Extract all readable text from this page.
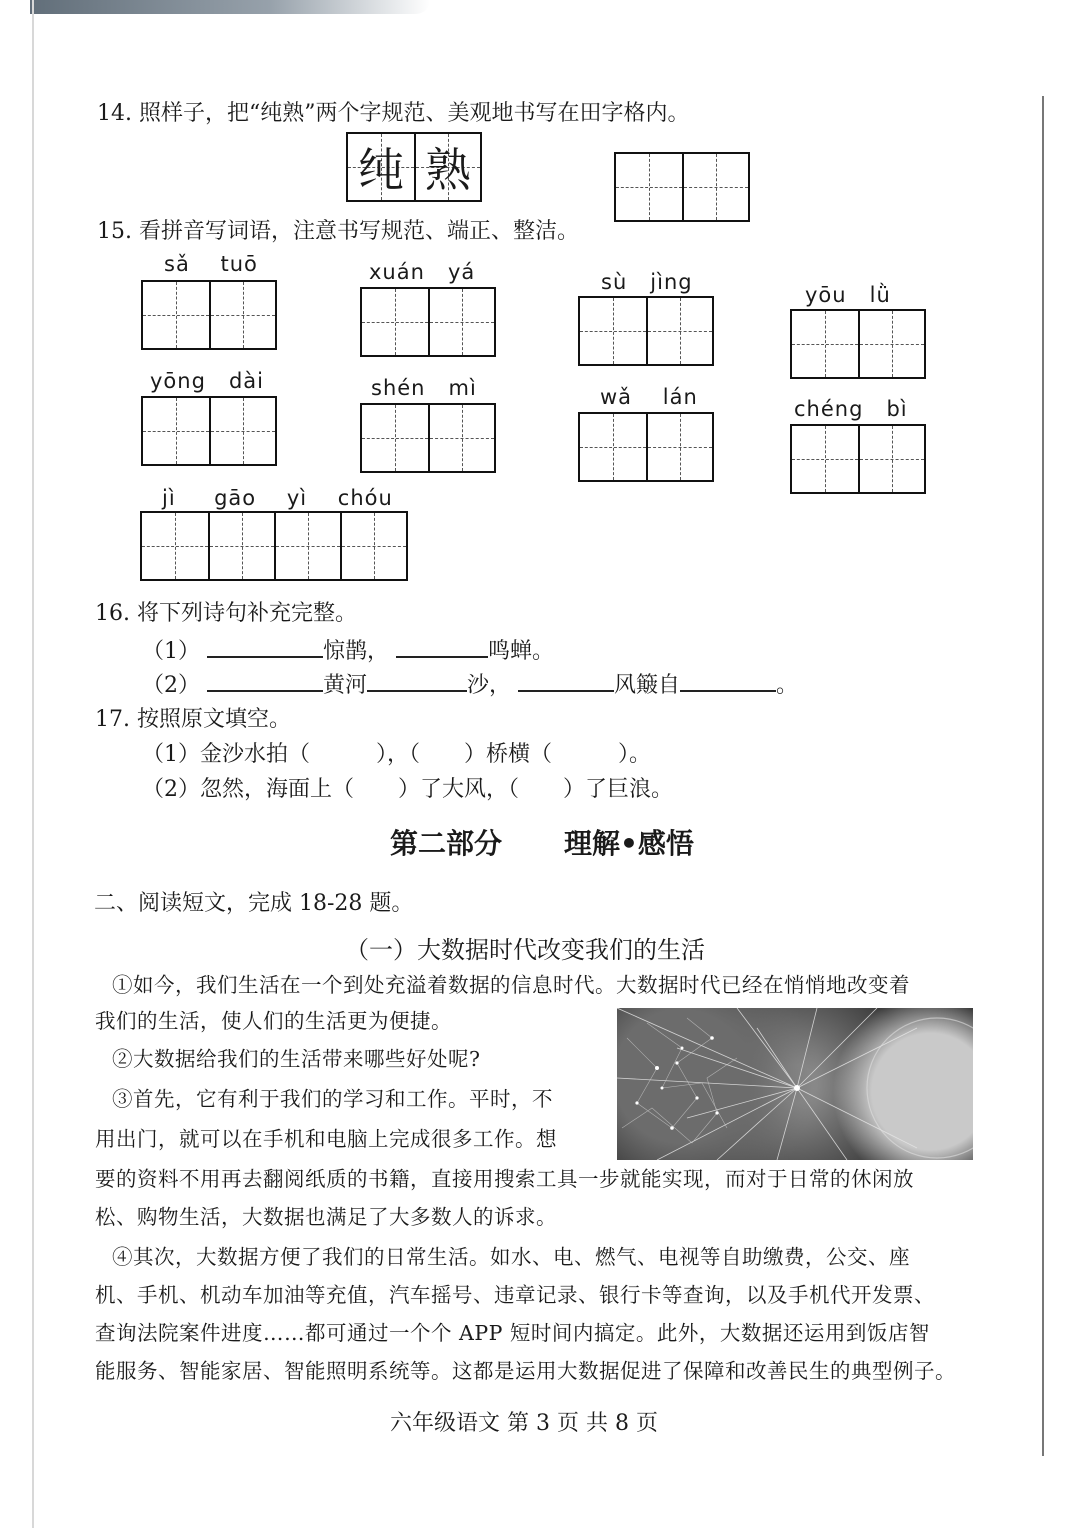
14. 照样子，把“纯熟”两个字规范、美观地书写在田字格内。
纯 熟
15. 看拼音写词语，注意书写规范、端正、整洁。
sǎ tuō	xuán yá	sù jìng
yōu lǜ
yōng dài	shén mì	wǎ lán	chéng bì
jì gāo yì chóu
16. 将下列诗句补充完整。
（1）	惊鹊，	鸣蝉。
（2）	黄河	沙，	风簸自	。
17. 按照原文填空。
（1）金沙水拍（　　　），（　　）桥横（　　　）。
（2）忽然，海面上（　　）了大风，（　　）了巨浪。
第二部分 理解•感悟
二、阅读短文，完成 18-28 题。
（一）大数据时代改变我们的生活
①如今，我们生活在一个到处充溢着数据的信息时代。大数据时代已经在悄悄地改变着
我们的生活，使人们的生活更为便捷。
②大数据给我们的生活带来哪些好处呢?
③首先，它有利于我们的学习和工作。平时，不
用出门，就可以在手机和电脑上完成很多工作。想
要的资料不用再去翻阅纸质的书籍，直接用搜索工具一步就能实现，而对于日常的休闲放
松、购物生活，大数据也满足了大多数人的诉求。
④其次，大数据方便了我们的日常生活。如水、电、燃气、电视等自助缴费，公交、座
机、手机、机动车加油等充值，汽车摇号、违章记录、银行卡等查询，以及手机代开发票、
查询法院案件进度……都可通过一个个 APP 短时间内搞定。此外，大数据还运用到饭店智
能服务、智能家居、智能照明系统等。这都是运用大数据促进了保障和改善民生的典型例子。
六年级语文 第 3 页 共 8 页
